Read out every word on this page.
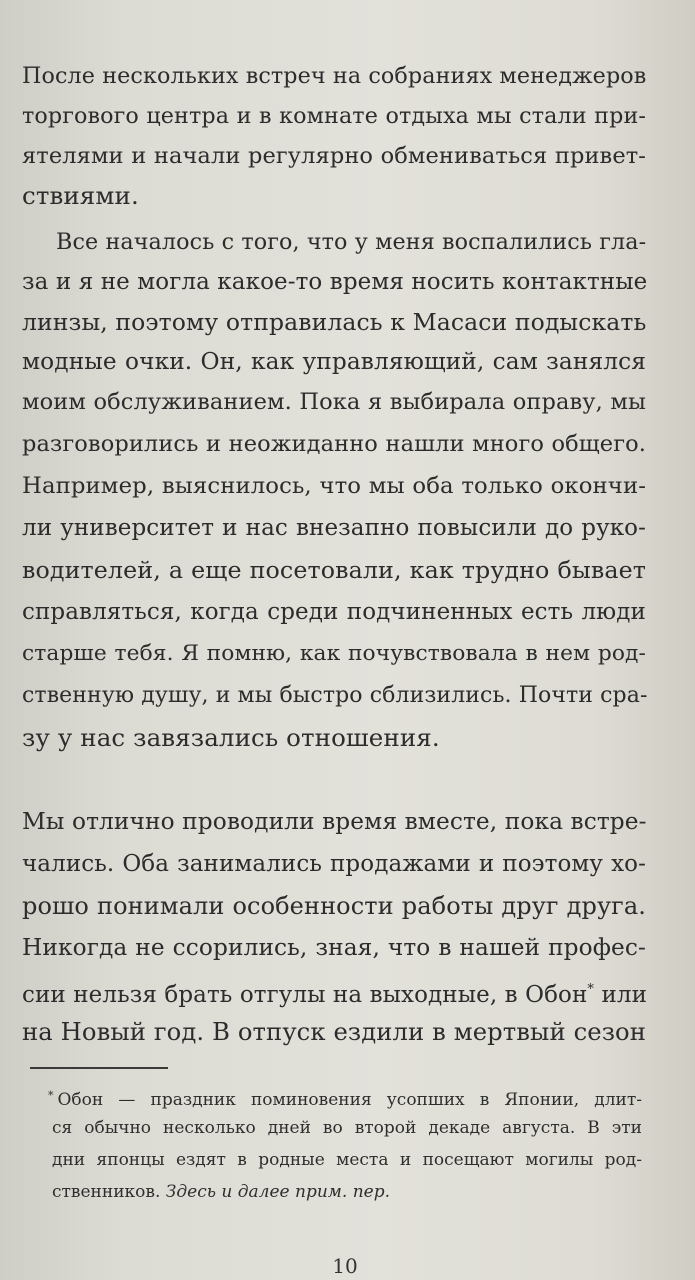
После нескольких встреч на собраниях менеджеров
торгового центра и в комнате отдыха мы стали при-
ятелями и начали регулярно обмениваться привет-
ствиями.
Все началось с того, что у меня воспалились гла-
за и я не могла какое-то время носить контактные
линзы, поэтому отправилась к Масаси подыскать
модные очки. Он, как управляющий, сам занялся
моим обслуживанием. Пока я выбирала оправу, мы
разговорились и неожиданно нашли много общего.
Например, выяснилось, что мы оба только окончи-
ли университет и нас внезапно повысили до руко-
водителей, а еще посетовали, как трудно бывает
справляться, когда среди подчиненных есть люди
старше тебя. Я помню, как почувствовала в нем род-
ственную душу, и мы быстро сблизились. Почти сра-
зу у нас завязались отношения.
Мы отлично проводили время вместе, пока встре-
чались. Оба занимались продажами и поэтому хо-
рошо понимали особенности работы друг друга.
Никогда не ссорились, зная, что в нашей профес-
сии нельзя брать отгулы на выходные, в Обон* или
на Новый год. В отпуск ездили в мертвый сезон
* Обон — праздник поминовения усопших в Японии, длит-
ся обычно несколько дней во второй декаде августа. В эти
дни японцы ездят в родные места и посещают могилы род-
ственников. Здесь и далее прим. пер.
10
